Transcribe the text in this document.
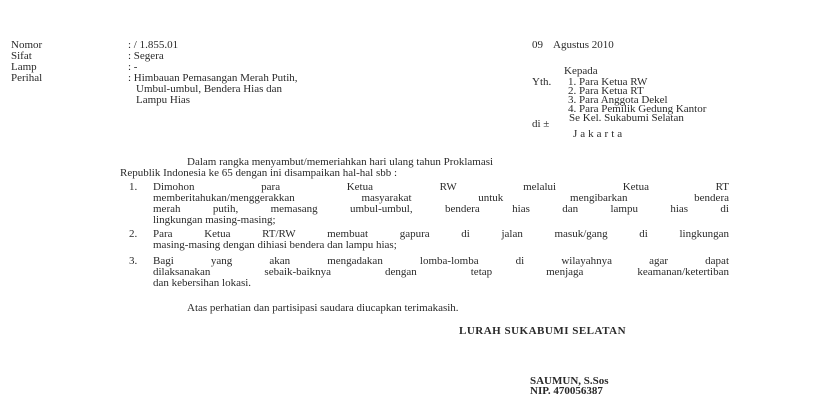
Nomor
Sifat
Lamp
Perihal
: / 1.855.01
: Segera
: -
: Himbauan Pemasangan Merah Putih,
Umbul-umbul, Bendera Hias dan
Lampu Hias
09 Agustus 2010
Kepada
Yth. 1. Para Ketua RW
2. Para Ketua RT
3. Para Anggota Dekel
4. Para Pemilik Gedung Kantor
Se Kel. Sukabumi Selatan
di ±
Jakarta
Dalam rangka menyambut/memeriahkan hari ulang tahun Proklamasi
Republik Indonesia ke 65 dengan ini disampaikan hal-hal sbb :
1. Dimohon para Ketua RW melalui Ketua RT
memberitahukan/menggerakkan masyarakat untuk mengibarkan bendera
merah putih, memasang umbul-umbul, bendera hias dan lampu hias di
lingkungan masing-masing;
2. Para Ketua RT/RW membuat gapura di jalan masuk/gang di lingkungan
masing-masing dengan dihiasi bendera dan lampu hias;
3. Bagi yang akan mengadakan lomba-lomba di wilayahnya agar dapat
dilaksanakan sebaik-baiknya dengan tetap menjaga keamanan/ketertiban
dan kebersihan lokasi.
Atas perhatian dan partisipasi saudara diucapkan terimakasih.
LURAH SUKABUMI SELATAN
SAUMUN, S.Sos
NIP. 470056387
